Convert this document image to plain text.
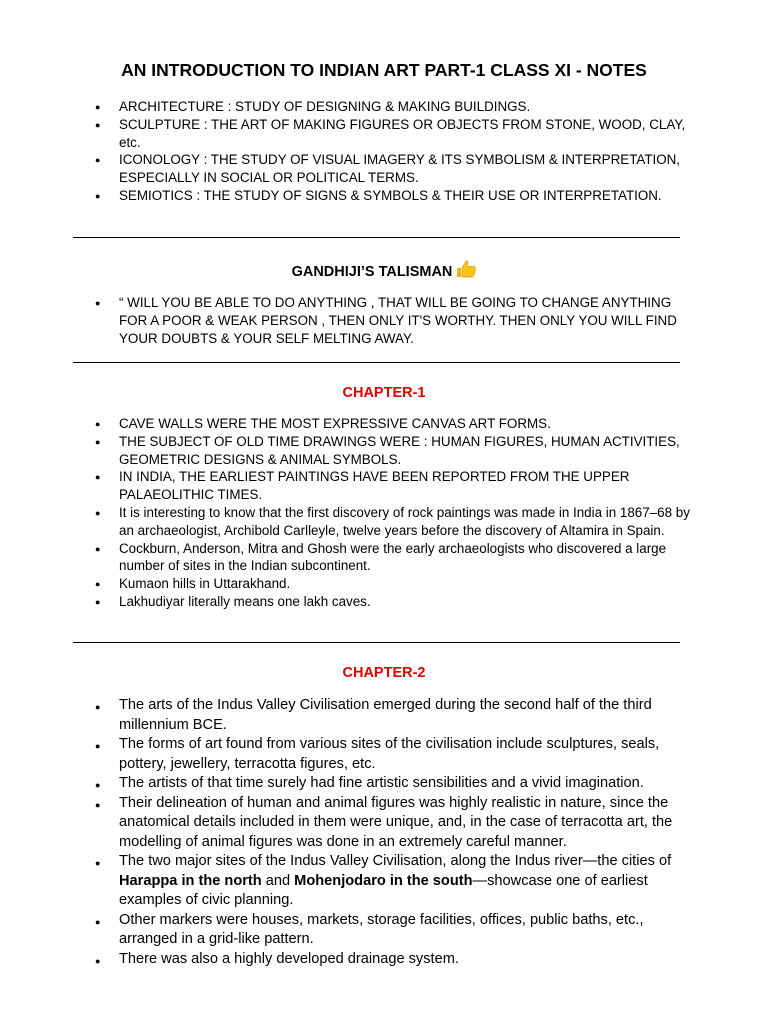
AN INTRODUCTION TO INDIAN ART PART-1 CLASS XI - NOTES
● ARCHITECTURE : STUDY OF DESIGNING & MAKING BUILDINGS.
● SCULPTURE : THE ART OF MAKING FIGURES OR OBJECTS FROM STONE, WOOD, CLAY, etc.
● ICONOLOGY : THE STUDY OF VISUAL IMAGERY & ITS SYMBOLISM & INTERPRETATION, ESPECIALLY IN SOCIAL OR POLITICAL TERMS.
● SEMIOTICS : THE STUDY OF SIGNS & SYMBOLS & THEIR USE OR INTERPRETATION.
GANDHIJI’S TALISMAN
● “ WILL YOU BE ABLE TO DO ANYTHING , THAT WILL BE GOING TO CHANGE ANYTHING FOR A POOR & WEAK PERSON , THEN ONLY IT'S WORTHY. THEN ONLY YOU WILL FIND YOUR DOUBTS & YOUR SELF MELTING AWAY.
CHAPTER-1
● CAVE WALLS WERE THE MOST EXPRESSIVE CANVAS ART FORMS.
● THE SUBJECT OF OLD TIME DRAWINGS WERE : HUMAN FIGURES, HUMAN ACTIVITIES, GEOMETRIC DESIGNS & ANIMAL SYMBOLS.
● IN INDIA, THE EARLIEST PAINTINGS HAVE BEEN REPORTED FROM THE UPPER PALAEOLITHIC TIMES.
● It is interesting to know that the first discovery of rock paintings was made in India in 1867–68 by an archaeologist, Archibold Carlleyle, twelve years before the discovery of Altamira in Spain.
● Cockburn, Anderson, Mitra and Ghosh were the early archaeologists who discovered a large number of sites in the Indian subcontinent.
● Kumaon hills in Uttarakhand.
● Lakhudiyar literally means one lakh caves.
CHAPTER-2
● The arts of the Indus Valley Civilisation emerged during the second half of the third millennium BCE.
● The forms of art found from various sites of the civilisation include sculptures, seals, pottery, jewellery, terracotta figures, etc.
● The artists of that time surely had fine artistic sensibilities and a vivid imagination.
● Their delineation of human and animal figures was highly realistic in nature, since the anatomical details included in them were unique, and, in the case of terracotta art, the modelling of animal figures was done in an extremely careful manner.
● The two major sites of the Indus Valley Civilisation, along the Indus river—the cities of Harappa in the north and Mohenjodaro in the south—showcase one of earliest examples of civic planning.
● Other markers were houses, markets, storage facilities, offices, public baths, etc., arranged in a grid-like pattern.
● There was also a highly developed drainage system.
